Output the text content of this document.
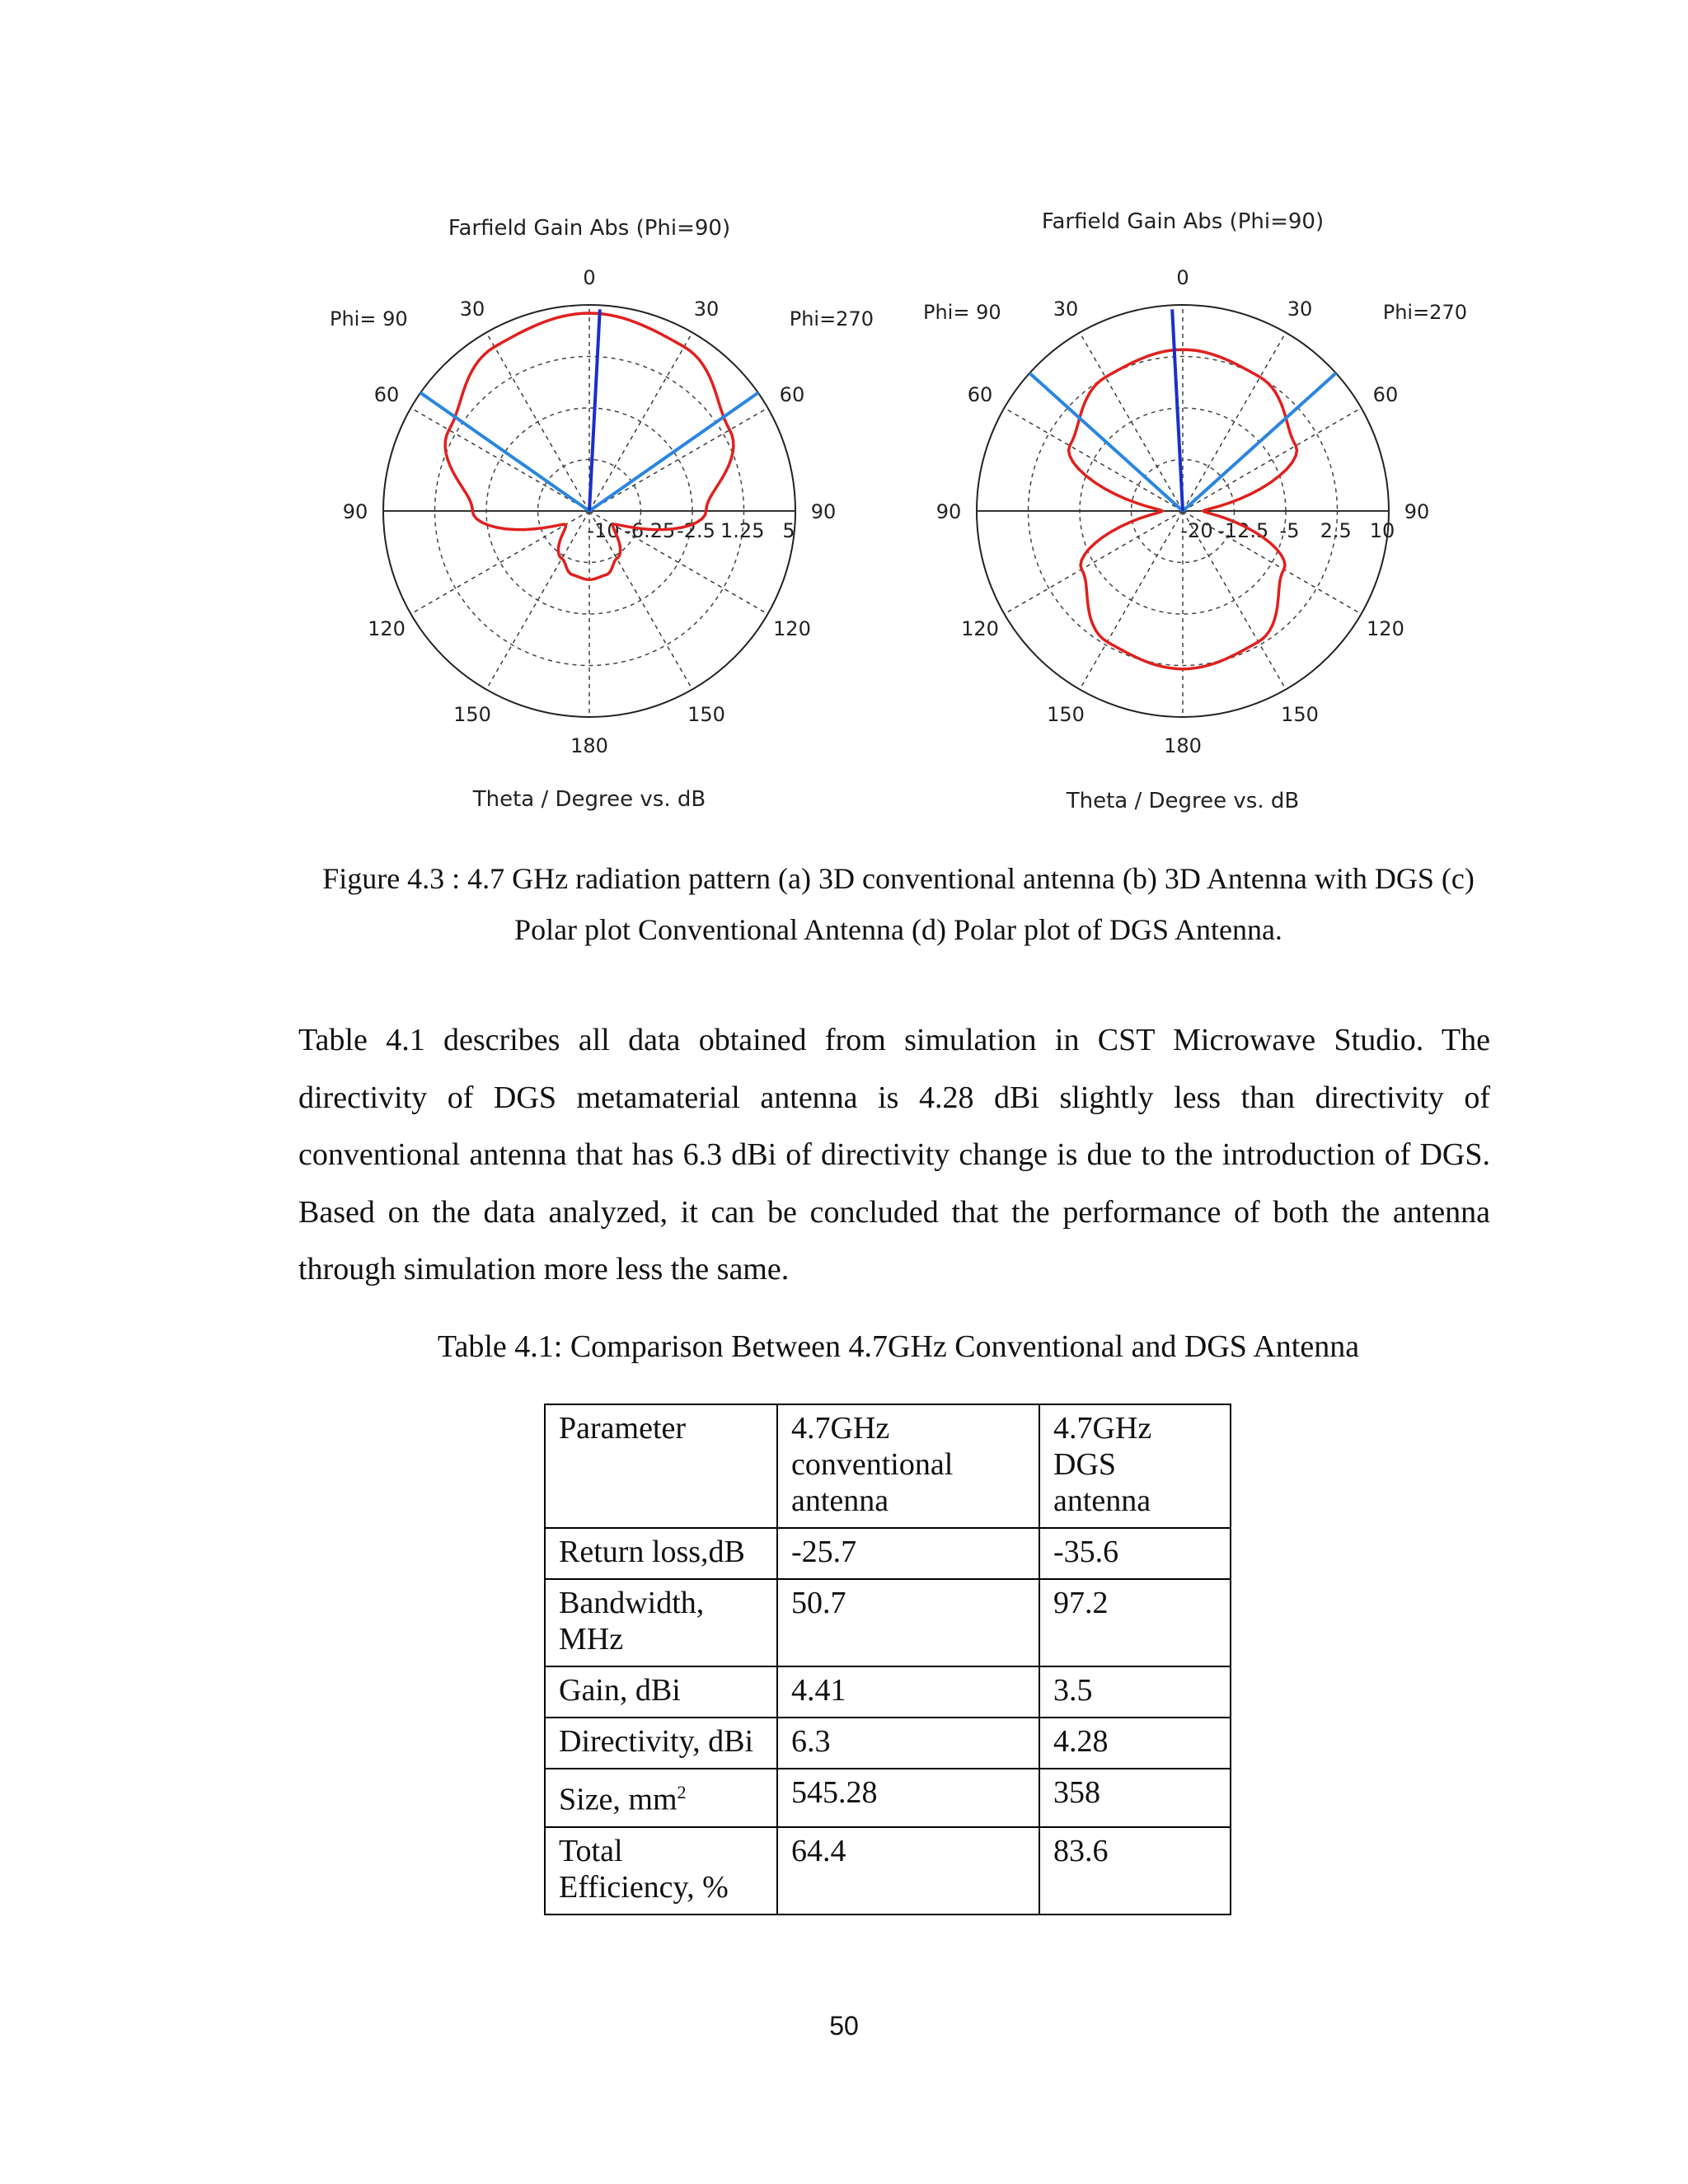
Farfield Gain Abs (Phi=90)
Phi= 90	Phi=270
Theta / Degree vs. dB
0
30
30
60
60
90
90
120
120
150
150
180
-10 -6.25 -2.5 1.25 5
Farfield Gain Abs (Phi=90)
Phi= 90	Phi=270
Theta / Degree vs. dB
0
30
30
60
60
90
90
120
120
150
150
180
-20 -12.5 -5 2.5 10
Figure 4.3 : 4.7 GHz radiation pattern (a) 3D conventional antenna (b) 3D Antenna with DGS (c)
Polar plot Conventional Antenna (d) Polar plot of DGS Antenna.

Table 4.1 describes all data obtained from simulation in CST Microwave Studio. The directivity of DGS metamaterial antenna is 4.28 dBi slightly less than directivity of conventional antenna that has 6.3 dBi of directivity change is due to the introduction of DGS. Based on the data analyzed, it can be concluded that the performance of both the antenna through simulation more less the same.

Table 4.1: Comparison Between 4.7GHz Conventional and DGS Antenna
Parameter	4.7GHz conventional antenna	4.7GHz DGS antenna
Return loss,dB	-25.7	-35.6
Bandwidth, MHz	50.7	97.2
Gain, dBi	4.41	3.5
Directivity, dBi	6.3	4.28
Size, $mm^2$	545.28	358
Total Efficiency, %	64.4	83.6
50
